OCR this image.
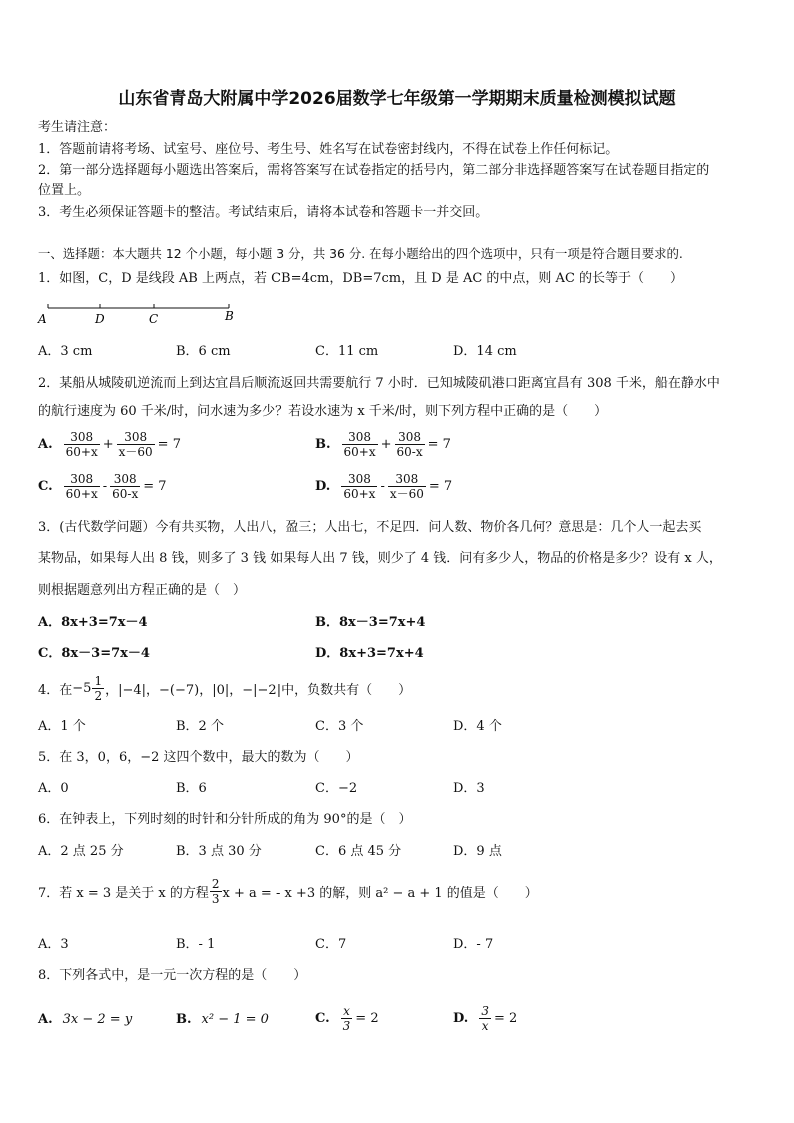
山东省青岛大附属中学2026届数学七年级第一学期期末质量检测模拟试题
考生请注意：
1．答题前请将考场、试室号、座位号、考生号、姓名写在试卷密封线内，不得在试卷上作任何标记。
2．第一部分选择题每小题选出答案后，需将答案写在试卷指定的括号内，第二部分非选择题答案写在试卷题目指定的
位置上。
3．考生必须保证答题卡的整洁。考试结束后，请将本试卷和答题卡一并交回。
一、选择题：本大题共 12 个小题，每小题 3 分，共 36 分. 在每小题给出的四个选项中，只有一项是符合题目要求的.
1．如图，C，D 是线段 AB 上两点，若 CB=4cm，DB=7cm，且 D 是 AC 的中点，则 AC 的长等于（　　）
A	D	C	B
A．3 cm	B．6 cm	C．11 cm	D．14 cm
2．某船从城陵矶逆流而上到达宜昌后顺流返回共需要航行 7 小时．已知城陵矶港口距离宜昌有 308 千米，船在静水中
的航行速度为 60 千米/时，问水速为多少？若设水速为 x 千米/时，则下列方程中正确的是（　　）
A. $\frac{308}{60+x} + \frac{308}{x-60} = 7$	B. $\frac{308}{60+x} + \frac{308}{60-x} = 7$
C. $\frac{308}{60+x} - \frac{308}{60-x} = 7$	D. $\frac{308}{60+x} - \frac{308}{x-60} = 7$
3．(古代数学问题）今有共买物，人出八，盈三；人出七，不足四．问人数、物价各几何？意思是：几个人一起去买
某物品，如果每人出 8 钱，则多了 3 钱 如果每人出 7 钱，则少了 4 钱．问有多少人，物品的价格是多少？设有 x 人，
则根据题意列出方程正确的是（　）
A．8x+3=7x－4	B．8x－3=7x+4
C．8x－3=7x－4	D．8x+3=7x+4
4．在 $-5 \frac{1}{2}$ ， |−4|，−(−7)，|0|，−|−2| 中，负数共有（　　）
A．1 个	B．2 个	C．3 个	D．4 个
5．在 3，0，6，−2 这四个数中，最大的数为（　　）
A．0	B．6	C．−2	D．3
6．在钟表上，下列时刻的时针和分针所成的角为 90°的是（　）
A．2 点 25 分	B．3 点 30 分	C．6 点 45 分	D．9 点
7．若 x = 3 是关于 x 的方程 $\frac{2}{3}$ x + a = - x +3 的解，则 a² − a + 1 的值是（　　）
A．3	B．- 1	C．7	D．- 7
8．下列各式中，是一元一次方程的是（　　）
A. 3x − 2 = y	B. x² − 1 = 0	C. $\frac{x}{3} = 2$	D. $\frac{3}{x} = 2$
